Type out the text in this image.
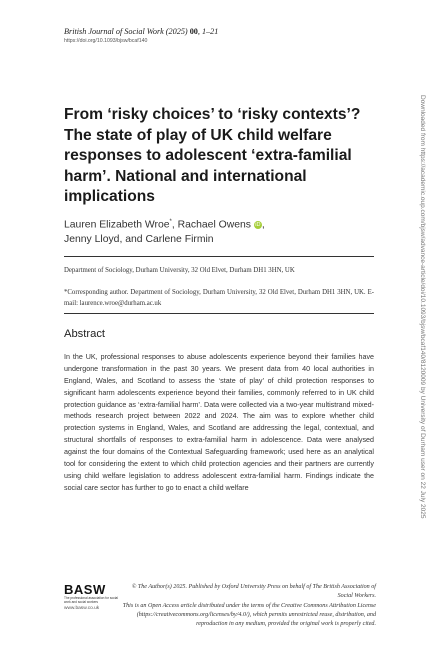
British Journal of Social Work (2025) 00, 1–21
https://doi.org/10.1093/bjsw/bcaf140
From ‘risky choices’ to ‘risky contexts’? The state of play of UK child welfare responses to adolescent ‘extra-familial harm’. National and international implications
Lauren Elizabeth Wroe*, Rachael Owens iD,
Jenny Lloyd, and Carlene Firmin
Department of Sociology, Durham University, 32 Old Elvet, Durham DH1 3HN, UK
*Corresponding author. Department of Sociology, Durham University, 32 Old Elvet, Durham DH1 3HN, UK. E-mail: laurence.wroe@durham.ac.uk
Abstract

In the UK, professional responses to abuse adolescents experience beyond their families have undergone transformation in the past 30 years. We present data from 40 local authorities in England, Wales, and Scotland to assess the ‘state of play’ of child protection responses to significant harm adolescents experience beyond their families, commonly referred to in UK child protection guidance as ‘extra-familial harm’. Data were collected via a two-year multistrand mixed-methods research project between 2022 and 2024. The aim was to explore whether child protection systems in England, Wales, and Scotland are addressing the legal, contextual, and structural shortfalls of responses to extra-familial harm in adolescence. Data were analysed against the four domains of the Contextual Safeguarding framework; used here as an analytical tool for considering the extent to which child protection agencies and their partners are currently using child welfare legislation to address adolescent extra-familial harm. Findings indicate the social care sector has further to go to enact a child welfare

© The Author(s) 2025. Published by Oxford University Press on behalf of The British Association of Social Workers.
This is an Open Access article distributed under the terms of the Creative Commons Attribution License (https://creativecommons.org/licenses/by/4.0/), which permits unrestricted reuse, distribution, and reproduction in any medium, provided the original work is properly cited.
BASW
The professional association for social work and social workers
www.basw.co.uk
Downloaded from https://academic.oup.com/bjsw/advance-article/doi/10.1093/bjsw/bcaf140/8120009 by University of Durham user on 22 July 2025
